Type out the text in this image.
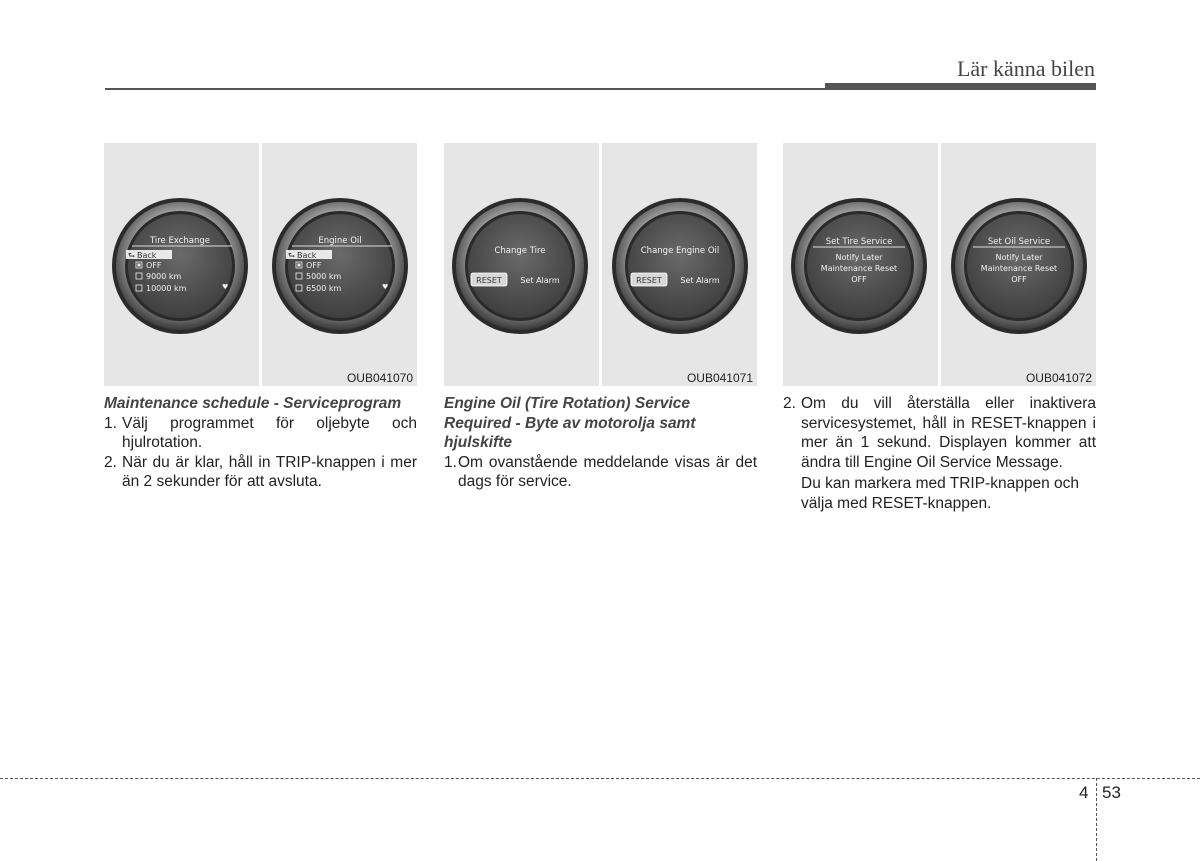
Lär känna bilen
Tire Exchange
⮑ Back
OFF
9000 km
10000 km	♥
Engine Oil
⮑ Back
OFF
5000 km
6500 km	♥
OUB041070
Change Tire
RESET Set Alarm
Change Engine Oil
RESET Set Alarm
OUB041071
Set Tire Service
Notify Later
Maintenance Reset
OFF
Set Oil Service
Notify Later
Maintenance Reset
OFF
OUB041072
Maintenance schedule - Serviceprogram
1. Välj programmet för oljebyte och hjulrotation.
2. När du är klar, håll in TRIP-knappen i mer än 2 sekunder för att avsluta.
Engine Oil (Tire Rotation) Service Required - Byte av motorolja samt hjulskifte
1. Om ovanstående meddelande visas är det dags för service.
2. Om du vill återställa eller inaktivera servicesystemet, håll in RESET-knappen i mer än 1 sekund. Displayen kommer att ändra till Engine Oil Service Message.
Du kan markera med TRIP-knappen och välja med RESET-knappen.
4 53
